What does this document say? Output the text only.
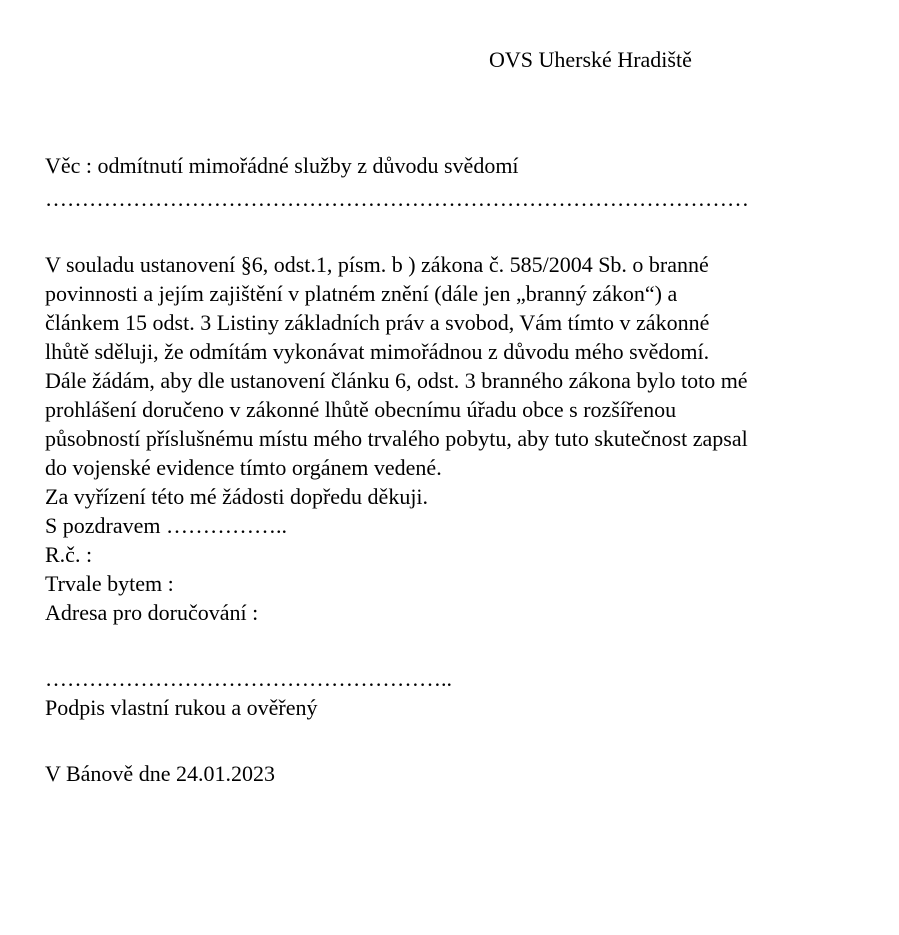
OVS Uherské Hradiště
Věc : odmítnutí mimořádné služby z důvodu svědomí
……………………………………………………………………………………
V souladu ustanovení §6, odst.1, písm. b ) zákona č. 585/2004 Sb. o branné
povinnosti a jejím zajištění v platném znění (dále jen „branný zákon“) a
článkem 15 odst. 3 Listiny základních práv a svobod, Vám tímto v zákonné
lhůtě sděluji, že odmítám vykonávat mimořádnou z důvodu mého svědomí.
Dále žádám, aby dle ustanovení článku 6, odst. 3 branného zákona bylo toto mé
prohlášení doručeno v zákonné lhůtě obecnímu úřadu obce s rozšířenou
působností příslušnému místu mého trvalého pobytu, aby tuto skutečnost zapsal
do vojenské evidence tímto orgánem vedené.
Za vyřízení této mé žádosti dopředu děkuji.
S pozdravem ……………..
R.č. :
Trvale bytem :
Adresa pro doručování :
………………………………………………..
Podpis vlastní rukou a ověřený
V Bánově dne 24.01.2023
